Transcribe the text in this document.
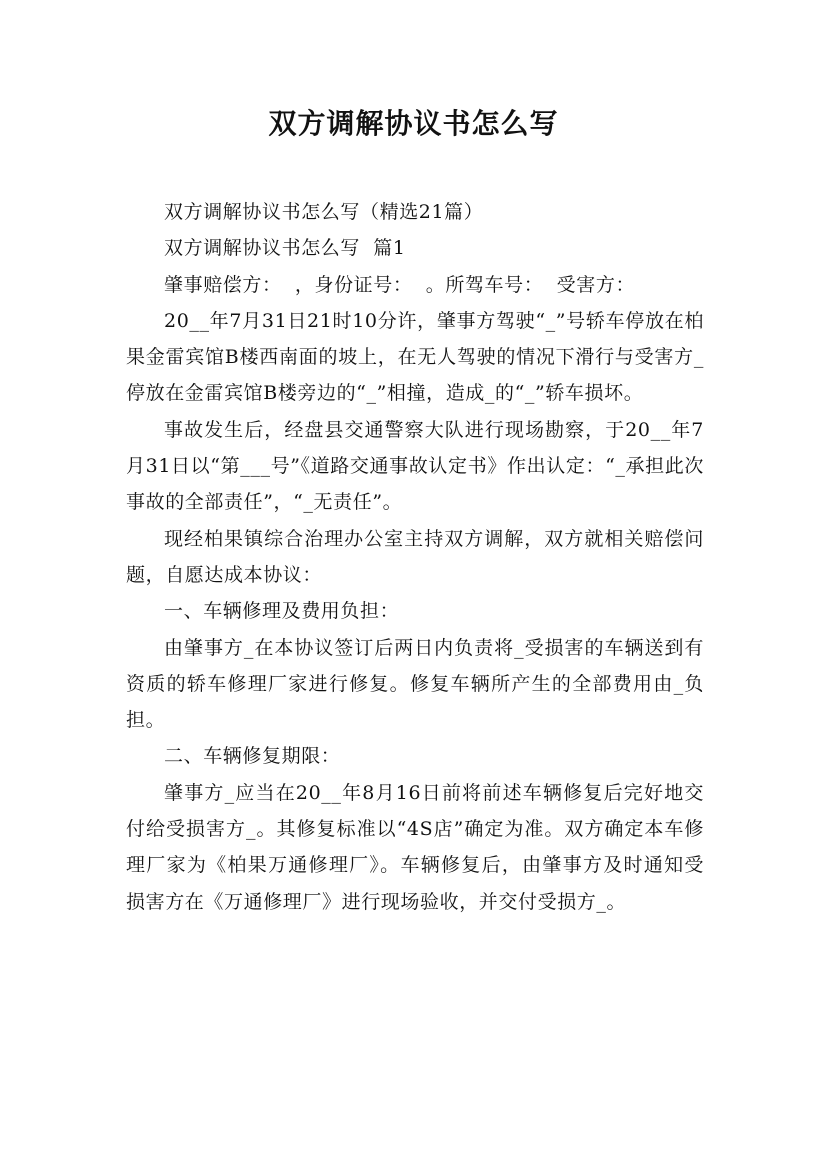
双方调解协议书怎么写

双方调解协议书怎么写（精选21篇）

双方调解协议书怎么写  篇1

肇事赔偿方：  ，身份证号：  。所驾车号：  受害方：

20__年7月31日21时10分许，肇事方驾驶“_”号轿车停放在柏果金雷宾馆B楼西南面的坡上，在无人驾驶的情况下滑行与受害方_停放在金雷宾馆B楼旁边的“_”相撞，造成_的“_”轿车损坏。

事故发生后，经盘县交通警察大队进行现场勘察，于20__年7月31日以“第___号”《道路交通事故认定书》作出认定：“_承担此次事故的全部责任”，“_无责任”。

现经柏果镇综合治理办公室主持双方调解，双方就相关赔偿问题，自愿达成本协议：

一、车辆修理及费用负担：

由肇事方_在本协议签订后两日内负责将_受损害的车辆送到有资质的轿车修理厂家进行修复。修复车辆所产生的全部费用由_负担。

二、车辆修复期限：

肇事方_应当在20__年8月16日前将前述车辆修复后完好地交付给受损害方_。其修复标准以“4S店”确定为准。双方确定本车修理厂家为《柏果万通修理厂》。车辆修复后，由肇事方及时通知受损害方在《万通修理厂》进行现场验收，并交付受损方_。
